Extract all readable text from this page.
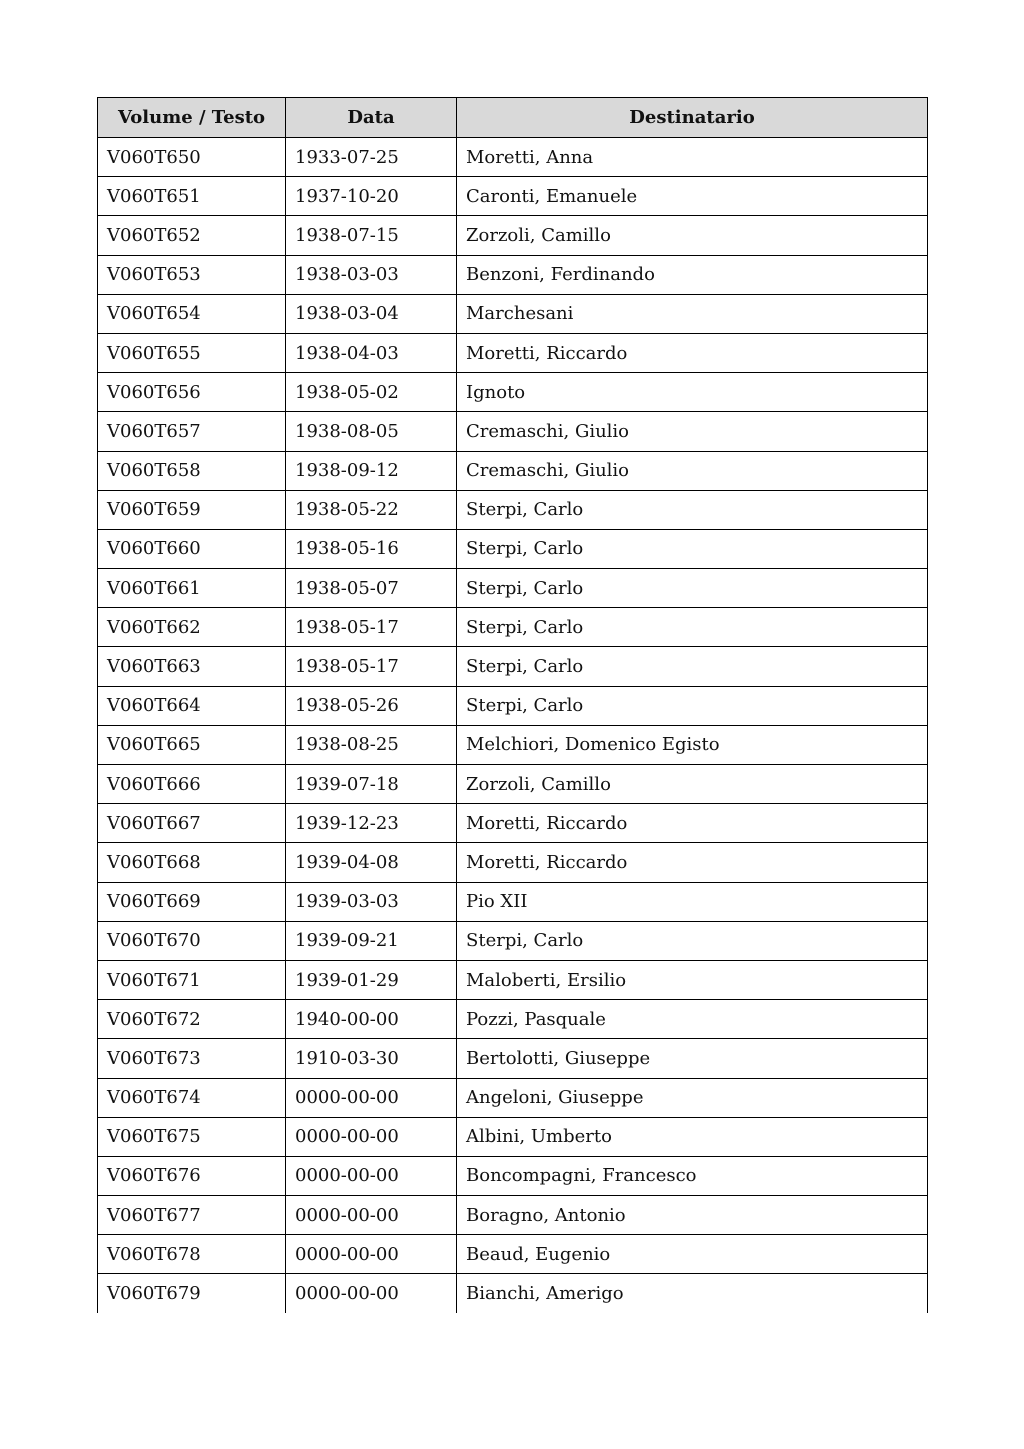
Volume / Testo	Data	Destinatario
V060T650	1933-07-25	Moretti, Anna
V060T651	1937-10-20	Caronti, Emanuele
V060T652	1938-07-15	Zorzoli, Camillo
V060T653	1938-03-03	Benzoni, Ferdinando
V060T654	1938-03-04	Marchesani
V060T655	1938-04-03	Moretti, Riccardo
V060T656	1938-05-02	Ignoto
V060T657	1938-08-05	Cremaschi, Giulio
V060T658	1938-09-12	Cremaschi, Giulio
V060T659	1938-05-22	Sterpi, Carlo
V060T660	1938-05-16	Sterpi, Carlo
V060T661	1938-05-07	Sterpi, Carlo
V060T662	1938-05-17	Sterpi, Carlo
V060T663	1938-05-17	Sterpi, Carlo
V060T664	1938-05-26	Sterpi, Carlo
V060T665	1938-08-25	Melchiori, Domenico Egisto
V060T666	1939-07-18	Zorzoli, Camillo
V060T667	1939-12-23	Moretti, Riccardo
V060T668	1939-04-08	Moretti, Riccardo
V060T669	1939-03-03	Pio XII
V060T670	1939-09-21	Sterpi, Carlo
V060T671	1939-01-29	Maloberti, Ersilio
V060T672	1940-00-00	Pozzi, Pasquale
V060T673	1910-03-30	Bertolotti, Giuseppe
V060T674	0000-00-00	Angeloni, Giuseppe
V060T675	0000-00-00	Albini, Umberto
V060T676	0000-00-00	Boncompagni, Francesco
V060T677	0000-00-00	Boragno, Antonio
V060T678	0000-00-00	Beaud, Eugenio
V060T679	0000-00-00	Bianchi, Amerigo
